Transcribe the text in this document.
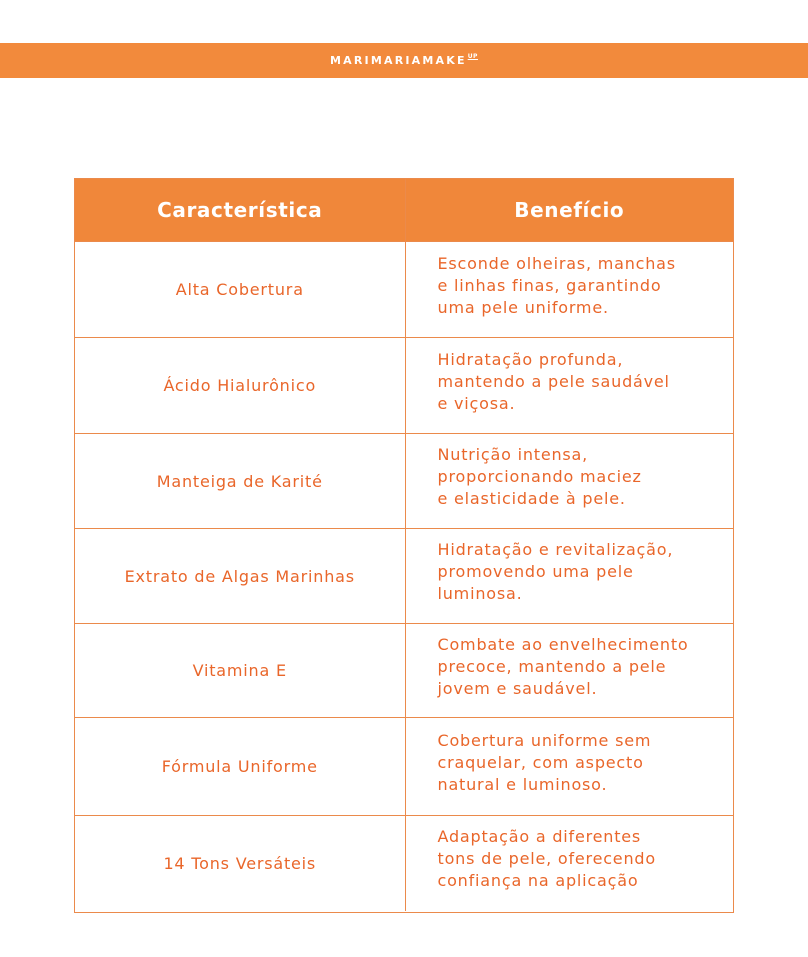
MARIMARIAMAKE UP
Característica	Benefício
Alta Cobertura	Esconde olheiras, manchas
e linhas finas, garantindo
uma pele uniforme.

Ácido Hialurônico	Hidratação profunda,
mantendo a pele saudável
e viçosa.

Manteiga de Karité	Nutrição intensa,
proporcionando maciez
e elasticidade à pele.

Extrato de Algas Marinhas	Hidratação e revitalização,
promovendo uma pele
luminosa.

Vitamina E	Combate ao envelhecimento
precoce, mantendo a pele
jovem e saudável.

Fórmula Uniforme	Cobertura uniforme sem
craquelar, com aspecto
natural e luminoso.

14 Tons Versáteis	Adaptação a diferentes
tons de pele, oferecendo
confiança na aplicação
